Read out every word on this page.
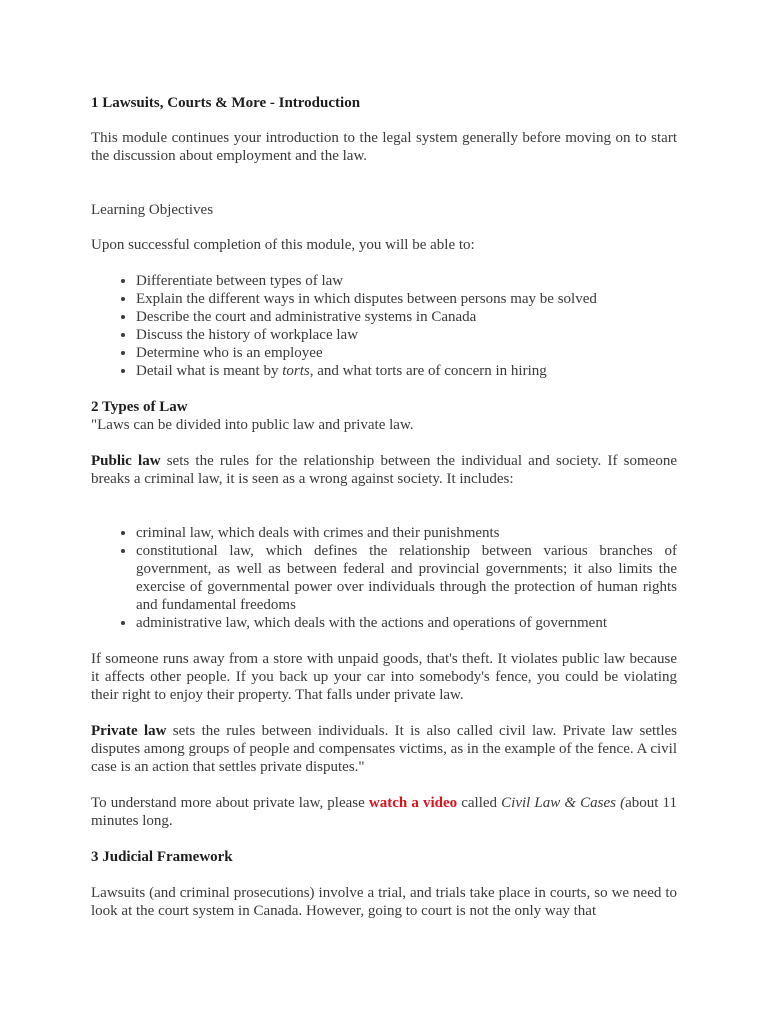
1 Lawsuits, Courts & More - Introduction

This module continues your introduction to the legal system generally before moving on to start the discussion about employment and the law.

Learning Objectives

Upon successful completion of this module, you will be able to:

• Differentiate between types of law
• Explain the different ways in which disputes between persons may be solved
• Describe the court and administrative systems in Canada
• Discuss the history of workplace law
• Determine who is an employee
• Detail what is meant by torts, and what torts are of concern in hiring

2 Types of Law

"Laws can be divided into public law and private law.

Public law sets the rules for the relationship between the individual and society. If someone breaks a criminal law, it is seen as a wrong against society. It includes:

• criminal law, which deals with crimes and their punishments
• constitutional law, which defines the relationship between various branches of government, as well as between federal and provincial governments; it also limits the exercise of governmental power over individuals through the protection of human rights and fundamental freedoms
• administrative law, which deals with the actions and operations of government

If someone runs away from a store with unpaid goods, that's theft. It violates public law because it affects other people. If you back up your car into somebody's fence, you could be violating their right to enjoy their property. That falls under private law.

Private law sets the rules between individuals. It is also called civil law. Private law settles disputes among groups of people and compensates victims, as in the example of the fence. A civil case is an action that settles private disputes."

To understand more about private law, please watch a video called Civil Law & Cases (about 11 minutes long.

3 Judicial Framework

Lawsuits (and criminal prosecutions) involve a trial, and trials take place in courts, so we need to look at the court system in Canada. However, going to court is not the only way that
